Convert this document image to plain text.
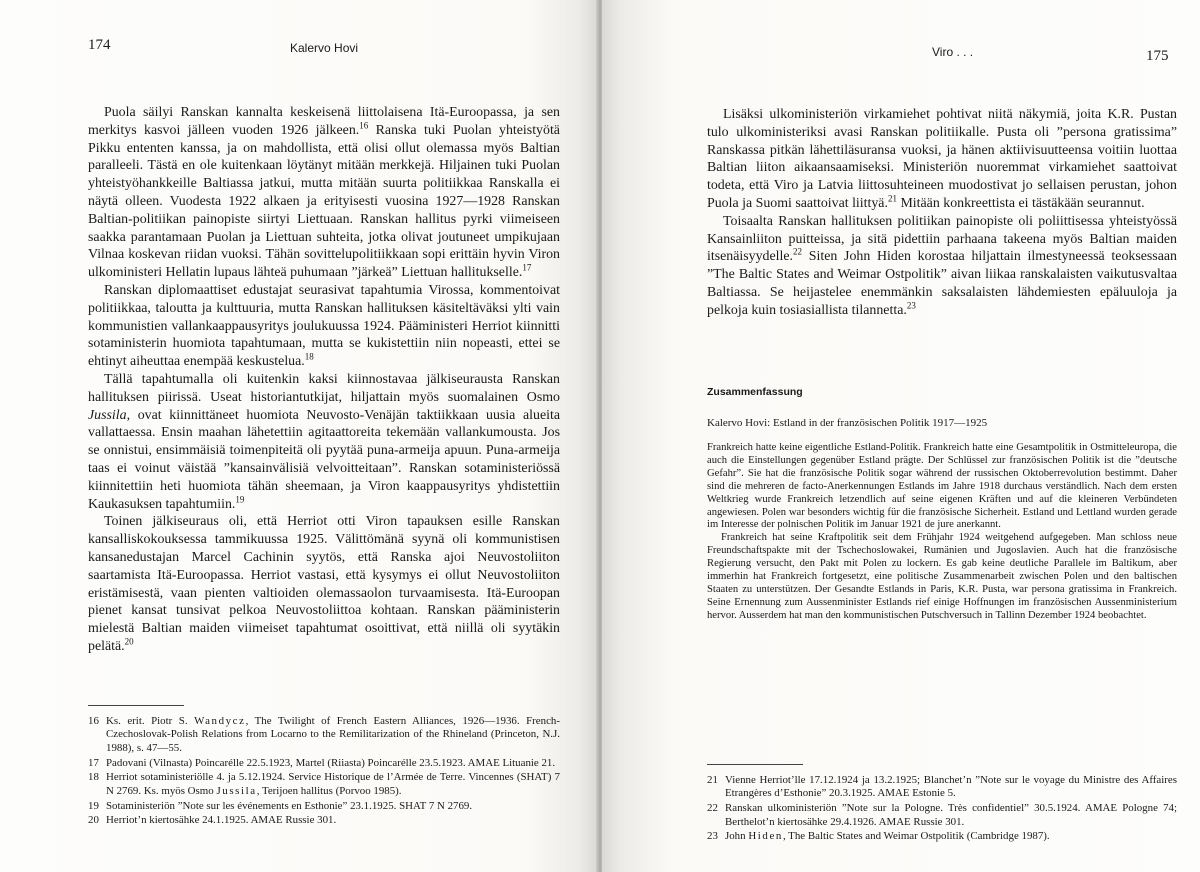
174	Kalervo Hovi

Puola säilyi Ranskan kannalta keskeisenä liittolaisena Itä-Euroopassa, ja sen merkitys kasvoi jälleen vuoden 1926 jälkeen.$^{16}$ Ranska tuki Puolan yhteistyötä Pikku ententen kanssa, ja on mahdollista, että olisi ollut olemassa myös Baltian paralleeli. Tästä en ole kuitenkaan löytänyt mitään merkkejä. Hiljainen tuki Puolan yhteistyöhankkeille Baltiassa jatkui, mutta mitään suurta politiikkaa Ranskalla ei näytä olleen. Vuodesta 1922 alkaen ja erityisesti vuosina 1927—1928 Ranskan Baltian-politiikan painopiste siirtyi Liettuaan. Ranskan hallitus pyrki viimeiseen saakka parantamaan Puolan ja Liettuan suhteita, jotka olivat joutuneet umpikujaan Vilnaa koskevan riidan vuoksi. Tähän sovittelupolitiikkaan sopi erittäin hyvin Viron ulkoministeri Hellatin lupaus lähteä puhumaan ”järkeä” Liettuan hallitukselle.$^{17}$

Ranskan diplomaattiset edustajat seurasivat tapahtumia Virossa, kommentoivat politiikkaa, taloutta ja kulttuuria, mutta Ranskan hallituksen käsiteltäväksi ylti vain kommunistien vallankaappausyritys joulukuussa 1924. Pääministeri Herriot kiinnitti sotaministerin huomiota tapahtumaan, mutta se kukistettiin niin nopeasti, ettei se ehtinyt aiheuttaa enempää keskustelua.$^{18}$

Tällä tapahtumalla oli kuitenkin kaksi kiinnostavaa jälkiseurausta Ranskan hallituksen piirissä. Useat historiantutkijat, hiljattain myös suomalainen Osmo Jussila, ovat kiinnittäneet huomiota Neuvosto-Venäjän taktiikkaan uusia alueita vallattaessa. Ensin maahan lähetettiin agitaattoreita tekemään vallankumousta. Jos se onnistui, ensimmäisiä toimenpiteitä oli pyytää puna-armeija apuun. Puna-armeija taas ei voinut väistää ”kansainvälisiä velvoitteitaan”. Ranskan sotaministeriössä kiinnitettiin heti huomiota tähän sheemaan, ja Viron kaappausyritys yhdistettiin Kaukasuksen tapahtumiin.$^{19}$

Toinen jälkiseuraus oli, että Herriot otti Viron tapauksen esille Ranskan kansalliskokouksessa tammikuussa 1925. Välittömänä syynä oli kommunistisen kansanedustajan Marcel Cachinin syytös, että Ranska ajoi Neuvostoliiton saartamista Itä-Euroopassa. Herriot vastasi, että kysymys ei ollut Neuvostoliiton eristämisestä, vaan pienten valtioiden olemassaolon turvaamisesta. Itä-Euroopan pienet kansat tunsivat pelkoa Neuvostoliittoa kohtaan. Ranskan pääministerin mielestä Baltian maiden viimeiset tapahtumat osoittivat, että niillä oli syytäkin pelätä.$^{20}$

16 Ks. erit. Piotr S. Wandycz, The Twilight of French Eastern Alliances, 1926—1936. French-Czechoslovak-Polish Relations from Locarno to the Remilitarization of the Rhineland (Princeton, N.J. 1988), s. 47—55.
17 Padovani (Vilnasta) Poincarélle 22.5.1923, Martel (Riiasta) Poincarélle 23.5.1923. AMAE Lituanie 21.
18 Herriot sotaministeriölle 4. ja 5.12.1924. Service Historique de l’Armée de Terre. Vincennes (SHAT) 7 N 2769. Ks. myös Osmo Jussila, Terijoen hallitus (Porvoo 1985).
19 Sotaministeriön ”Note sur les événements en Esthonie” 23.1.1925. SHAT 7 N 2769.
20 Herriot’n kiertosähke 24.1.1925. AMAE Russie 301.
Viro . . .	175

Lisäksi ulkoministeriön virkamiehet pohtivat niitä näkymiä, joita K.R. Pustan tulo ulkoministeriksi avasi Ranskan politiikalle. Pusta oli ”persona gratissima” Ranskassa pitkän lähettiläsuransa vuoksi, ja hänen aktiivisuutteensa voitiin luottaa Baltian liiton aikaansaamiseksi. Ministeriön nuoremmat virkamiehet saattoivat todeta, että Viro ja Latvia liittosuhteineen muodostivat jo sellaisen perustan, johon Puola ja Suomi saattoivat liittyä.$^{21}$ Mitään konkreettista ei tästäkään seurannut.

Toisaalta Ranskan hallituksen politiikan painopiste oli poliittisessa yhteistyössä Kansainliiton puitteissa, ja sitä pidettiin parhaana takeena myös Baltian maiden itsenäisyydelle.$^{22}$ Siten John Hiden korostaa hiljattain ilmestyneessä teoksessaan ”The Baltic States and Weimar Ostpolitik” aivan liikaa ranskalaisten vaikutusvaltaa Baltiassa. Se heijastelee enemmänkin saksalaisten lähdemiesten epäluuloja ja pelkoja kuin tosiasiallista tilannetta.$^{23}$

Zusammenfassung
Kalervo Hovi: Estland in der französischen Politik 1917—1925

Frankreich hatte keine eigentliche Estland-Politik. Frankreich hatte eine Gesamtpolitik in Ostmitteleuropa, die auch die Einstellungen gegenüber Estland prägte. Der Schlüssel zur französischen Politik ist die ”deutsche Gefahr”. Sie hat die französische Politik sogar während der russischen Oktoberrevolution bestimmt. Daher sind die mehreren de facto-Anerkennungen Estlands im Jahre 1918 durchaus verständlich. Nach dem ersten Weltkrieg wurde Frankreich letzendlich auf seine eigenen Kräften und auf die kleineren Verbündeten angewiesen. Polen war besonders wichtig für die französische Sicherheit. Estland und Lettland wurden gerade im Interesse der polnischen Politik im Januar 1921 de jure anerkannt.

Frankreich hat seine Kraftpolitik seit dem Frühjahr 1924 weitgehend aufgegeben. Man schloss neue Freundschaftspakte mit der Tschechoslowakei, Rumänien und Jugoslavien. Auch hat die französische Regierung versucht, den Pakt mit Polen zu lockern. Es gab keine deutliche Parallele im Baltikum, aber immerhin hat Frankreich fortgesetzt, eine politische Zusammenarbeit zwischen Polen und den baltischen Staaten zu unterstützen. Der Gesandte Estlands in Paris, K.R. Pusta, war persona gratissima in Frankreich. Seine Ernennung zum Aussenminister Estlands rief einige Hoffnungen im französischen Aussenministerium hervor. Ausserdem hat man den kommunistischen Putschversuch in Tallinn Dezember 1924 beobachtet.

21 Vienne Herriot’lle 17.12.1924 ja 13.2.1925; Blanchet’n ”Note sur le voyage du Ministre des Affaires Etrangères d’Esthonie” 20.3.1925. AMAE Estonie 5.
22 Ranskan ulkoministeriön ”Note sur la Pologne. Très confidentiel” 30.5.1924. AMAE Pologne 74; Berthelot’n kiertosähke 29.4.1926. AMAE Russie 301.
23 John Hiden, The Baltic States and Weimar Ostpolitik (Cambridge 1987).
